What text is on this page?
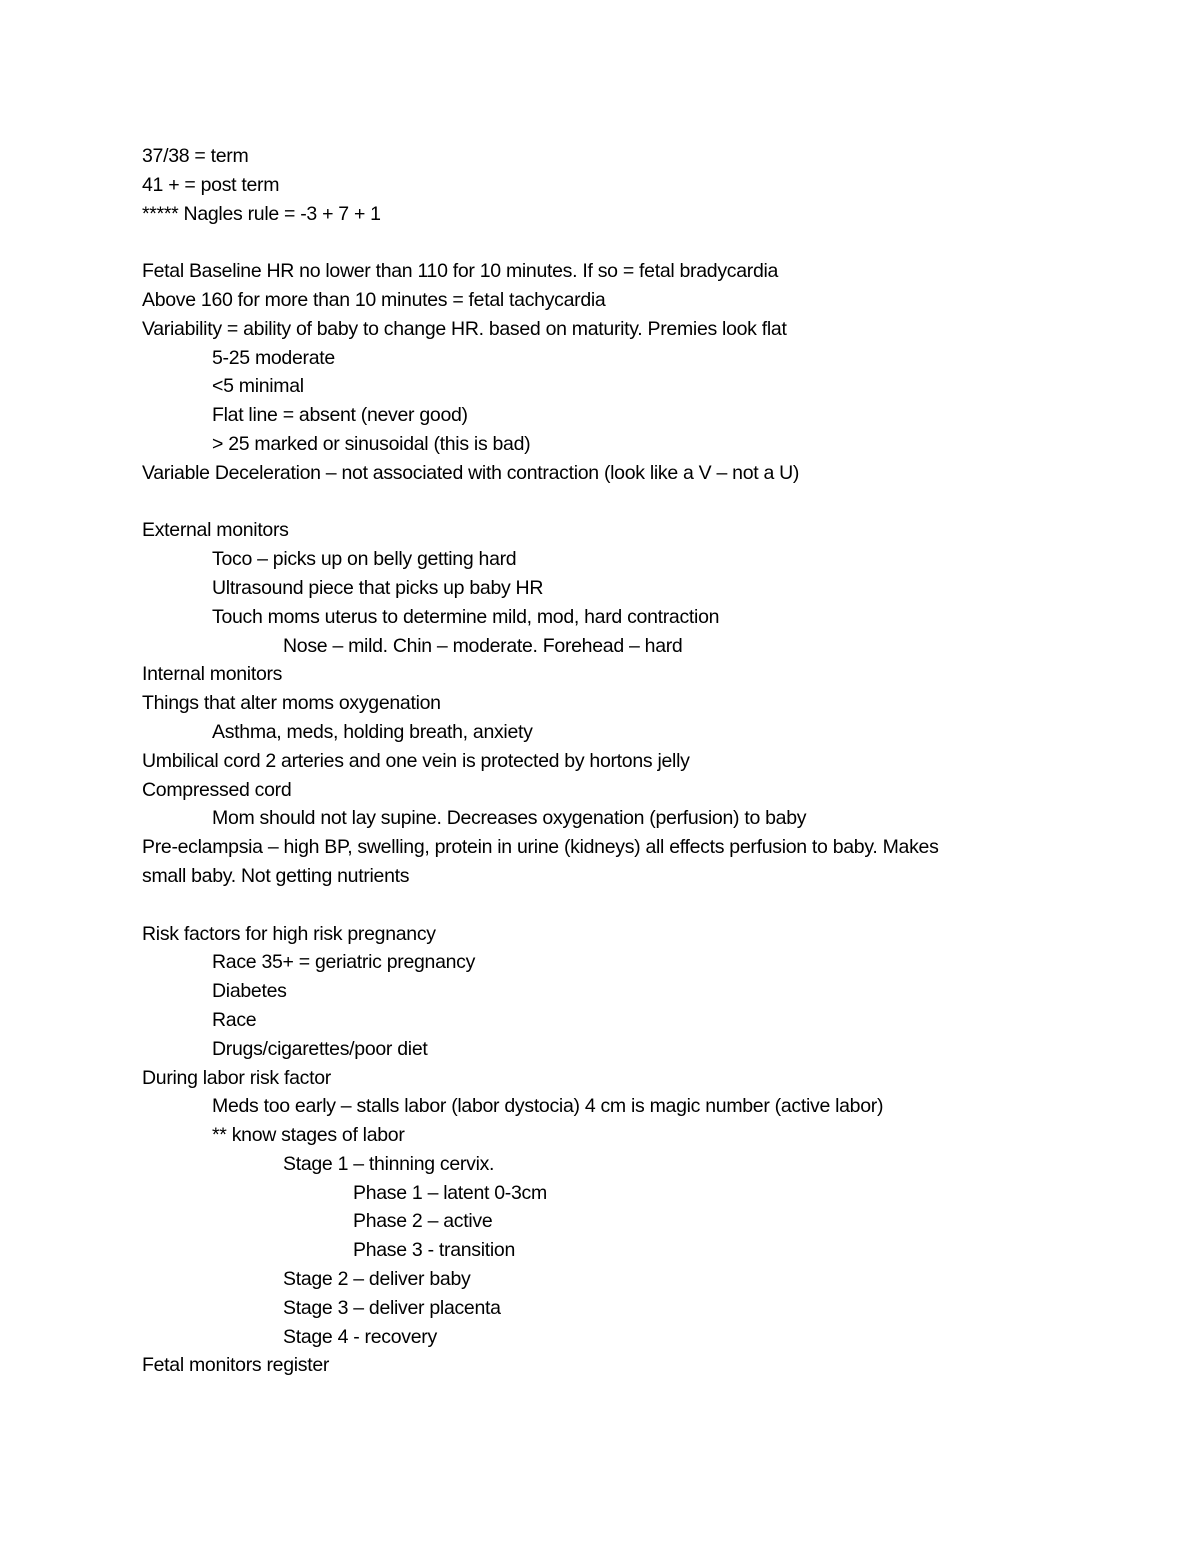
37/38 = term
41 + = post term
***** Nagles rule = -3 + 7 + 1
Fetal Baseline HR no lower than 110 for 10 minutes. If so = fetal bradycardia
Above 160 for more than 10 minutes = fetal tachycardia
Variability = ability of baby to change HR. based on maturity. Premies look flat
5-25 moderate
<5 minimal
Flat line = absent (never good)
> 25 marked or sinusoidal (this is bad)
Variable Deceleration – not associated with contraction (look like a V – not a U)
External monitors
Toco – picks up on belly getting hard
Ultrasound piece that picks up baby HR
Touch moms uterus to determine mild, mod, hard contraction
Nose – mild. Chin – moderate. Forehead – hard
Internal monitors
Things that alter moms oxygenation
Asthma, meds, holding breath, anxiety
Umbilical cord 2 arteries and one vein is protected by hortons jelly
Compressed cord
Mom should not lay supine. Decreases oxygenation (perfusion) to baby
Pre-eclampsia – high BP, swelling, protein in urine (kidneys) all effects perfusion to baby. Makes
small baby. Not getting nutrients
Risk factors for high risk pregnancy
Race 35+ = geriatric pregnancy
Diabetes
Race
Drugs/cigarettes/poor diet
During labor risk factor
Meds too early – stalls labor (labor dystocia) 4 cm is magic number (active labor)
** know stages of labor
Stage 1 – thinning cervix.
Phase 1 – latent 0-3cm
Phase 2 – active
Phase 3 - transition
Stage 2 – deliver baby
Stage 3 – deliver placenta
Stage 4 - recovery
Fetal monitors register
